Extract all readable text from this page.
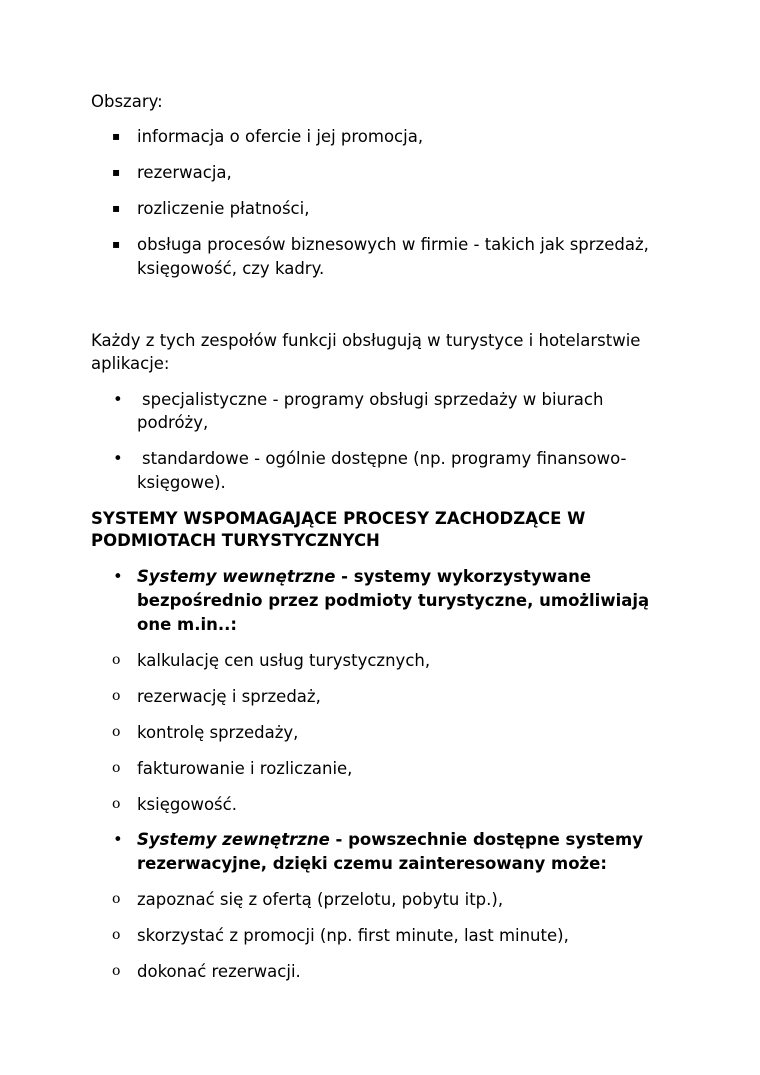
Obszary:
▪ informacja o ofercie i jej promocja,
▪ rezerwacja,
▪ rozliczenie płatności,
▪ obsługa procesów biznesowych w firmie - takich jak sprzedaż,
księgowość, czy kadry.
Każdy z tych zespołów funkcji obsługują w turystyce i hotelarstwie
aplikacje:
• specjalistyczne - programy obsługi sprzedaży w biurach
podróży,
• standardowe - ogólnie dostępne (np. programy finansowo-
księgowe).
SYSTEMY WSPOMAGAJĄCE PROCESY ZACHODZĄCE W
PODMIOTACH TURYSTYCZNYCH
• Systemy wewnętrzne - systemy wykorzystywane
bezpośrednio przez podmioty turystyczne, umożliwiają
one m.in..:
o kalkulację cen usług turystycznych,
o rezerwację i sprzedaż,
o kontrolę sprzedaży,
o fakturowanie i rozliczanie,
o księgowość.
• Systemy zewnętrzne - powszechnie dostępne systemy
rezerwacyjne, dzięki czemu zainteresowany może:
o zapoznać się z ofertą (przelotu, pobytu itp.),
o skorzystać z promocji (np. first minute, last minute),
o dokonać rezerwacji.
